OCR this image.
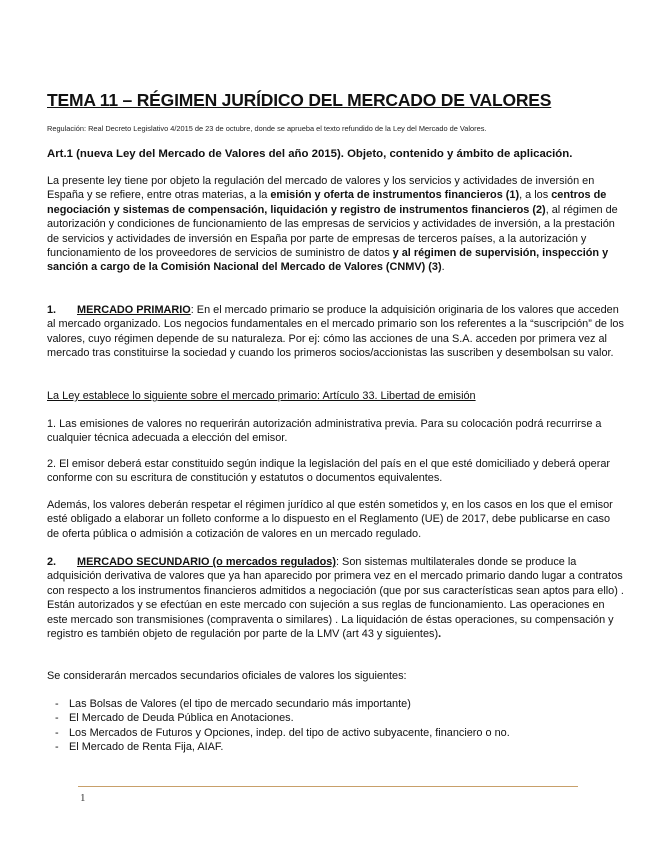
TEMA 11 – RÉGIMEN JURÍDICO DEL MERCADO DE VALORES

Regulación: Real Decreto Legislativo 4/2015 de 23 de octubre, donde se aprueba el texto refundido de la Ley del Mercado de Valores.

Art.1 (nueva Ley del Mercado de Valores del año 2015). Objeto, contenido y ámbito de aplicación.

La presente ley tiene por objeto la regulación del mercado de valores y los servicios y actividades de inversión en España y se refiere, entre otras materias, a la emisión y oferta de instrumentos financieros (1), a los centros de negociación y sistemas de compensación, liquidación y registro de instrumentos financieros (2), al régimen de autorización y condiciones de funcionamiento de las empresas de servicios y actividades de inversión, a la prestación de servicios y actividades de inversión en España por parte de empresas de terceros países, a la autorización y funcionamiento de los proveedores de servicios de suministro de datos y al régimen de supervisión, inspección y sanción a cargo de la Comisión Nacional del Mercado de Valores (CNMV) (3).

1. MERCADO PRIMARIO: En el mercado primario se produce la adquisición originaria de los valores que acceden al mercado organizado. Los negocios fundamentales en el mercado primario son los referentes a la “suscripción” de los valores, cuyo régimen depende de su naturaleza. Por ej: cómo las acciones de una S.A. acceden por primera vez al mercado tras constituirse la sociedad y cuando los primeros socios/accionistas las suscriben y desembolsan su valor.

La Ley establece lo siguiente sobre el mercado primario: Artículo 33. Libertad de emisión

1. Las emisiones de valores no requerirán autorización administrativa previa. Para su colocación podrá recurrirse a cualquier técnica adecuada a elección del emisor.

2. El emisor deberá estar constituido según indique la legislación del país en el que esté domiciliado y deberá operar conforme con su escritura de constitución y estatutos o documentos equivalentes.

Además, los valores deberán respetar el régimen jurídico al que estén sometidos y, en los casos en los que el emisor esté obligado a elaborar un folleto conforme a lo dispuesto en el Reglamento (UE) de 2017, debe publicarse en caso de oferta pública o admisión a cotización de valores en un mercado regulado.

2. MERCADO SECUNDARIO (o mercados regulados): Son sistemas multilaterales donde se produce la adquisición derivativa de valores que ya han aparecido por primera vez en el mercado primario dando lugar a contratos con respecto a los instrumentos financieros admitidos a negociación (que por sus características sean aptos para ello) . Están autorizados y se efectúan en este mercado con sujeción a sus reglas de funcionamiento. Las operaciones en este mercado son transmisiones (compraventa o similares) . La liquidación de éstas operaciones, su compensación y registro es también objeto de regulación por parte de la LMV (art 43 y siguientes).

Se considerarán mercados secundarios oficiales de valores los siguientes:

- Las Bolsas de Valores (el tipo de mercado secundario más importante)
- El Mercado de Deuda Pública en Anotaciones.
- Los Mercados de Futuros y Opciones, indep. del tipo de activo subyacente, financiero o no.
- El Mercado de Renta Fija, AIAF.
1
